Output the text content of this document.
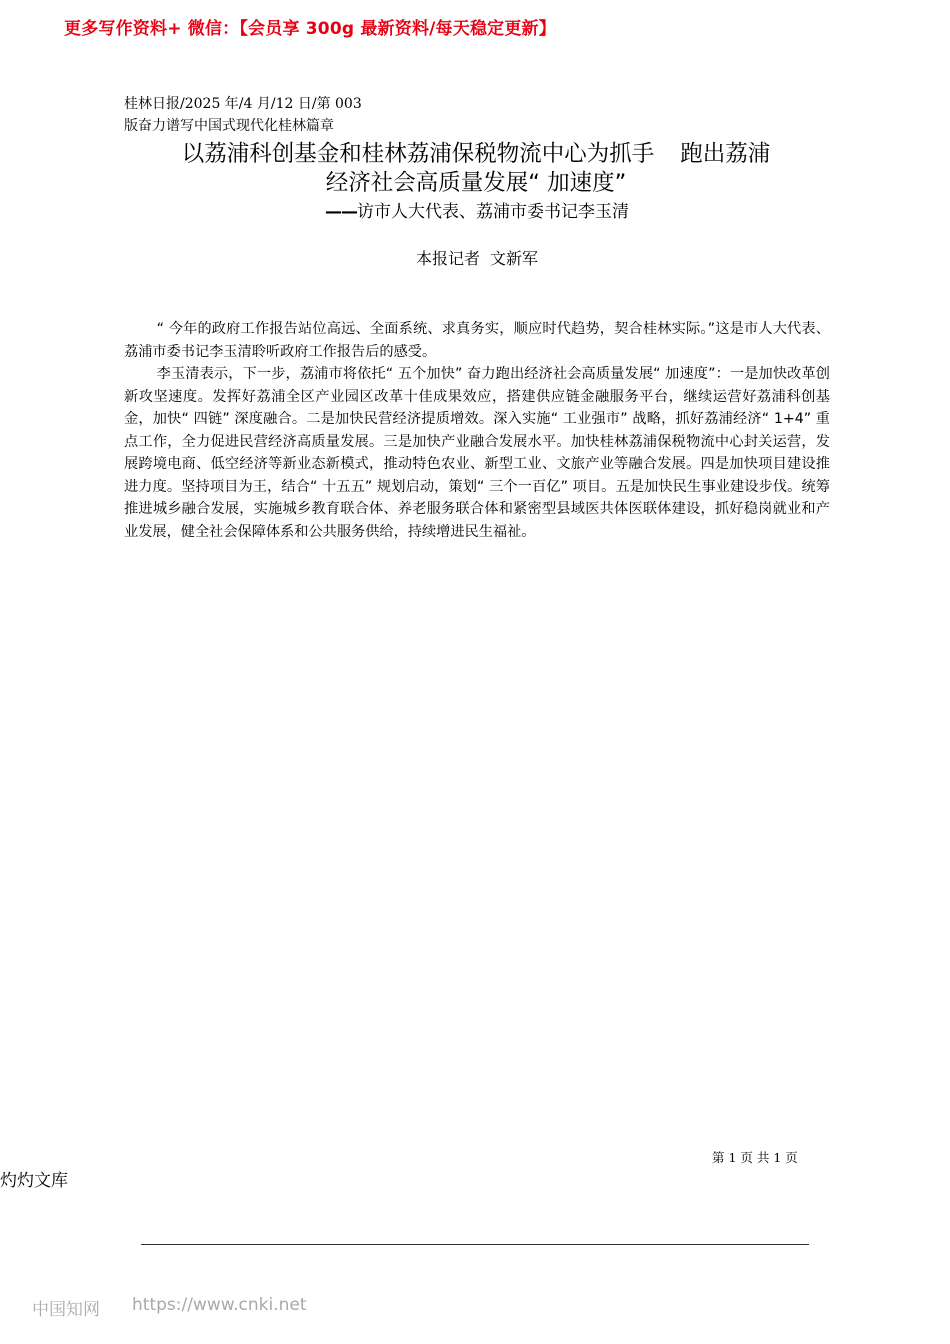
更多写作资料+ 微信：【会员享 300g 最新资料/每天稳定更新】
桂林日报/2025 年/4 月/12 日/第 003
版奋力谱写中国式现代化桂林篇章
以荔浦科创基金和桂林荔浦保税物流中心为抓手 跑出荔浦
经济社会高质量发展“ 加速度”
——访市人大代表、荔浦市委书记李玉清
本报记者 文新军

“ 今年的政府工作报告站位高远、全面系统、求真务实，顺应时代趋势，契合桂林实际。”这是市人大代表、荔浦市委书记李玉清聆听政府工作报告后的感受。

李玉清表示，下一步，荔浦市将依托“ 五个加快” 奋力跑出经济社会高质量发展“ 加速度”：一是加快改革创新攻坚速度。发挥好荔浦全区产业园区改革十佳成果效应，搭建供应链金融服务平台，继续运营好荔浦科创基金，加快“ 四链” 深度融合。二是加快民营经济提质增效。深入实施“ 工业强市” 战略，抓好荔浦经济“ 1+4” 重点工作，全力促进民营经济高质量发展。三是加快产业融合发展水平。加快桂林荔浦保税物流中心封关运营，发展跨境电商、低空经济等新业态新模式，推动特色农业、新型工业、文旅产业等融合发展。四是加快项目建设推进力度。坚持项目为王，结合“ 十五五” 规划启动，策划“ 三个一百亿” 项目。五是加快民生事业建设步伐。统筹推进城乡融合发展，实施城乡教育联合体、养老服务联合体和紧密型县域医共体医联体建设，抓好稳岗就业和产业发展，健全社会保障体系和公共服务供给，持续增进民生福祉。

第 1 页 共 1 页
灼灼文库
中国知网 https://www.cnki.net
